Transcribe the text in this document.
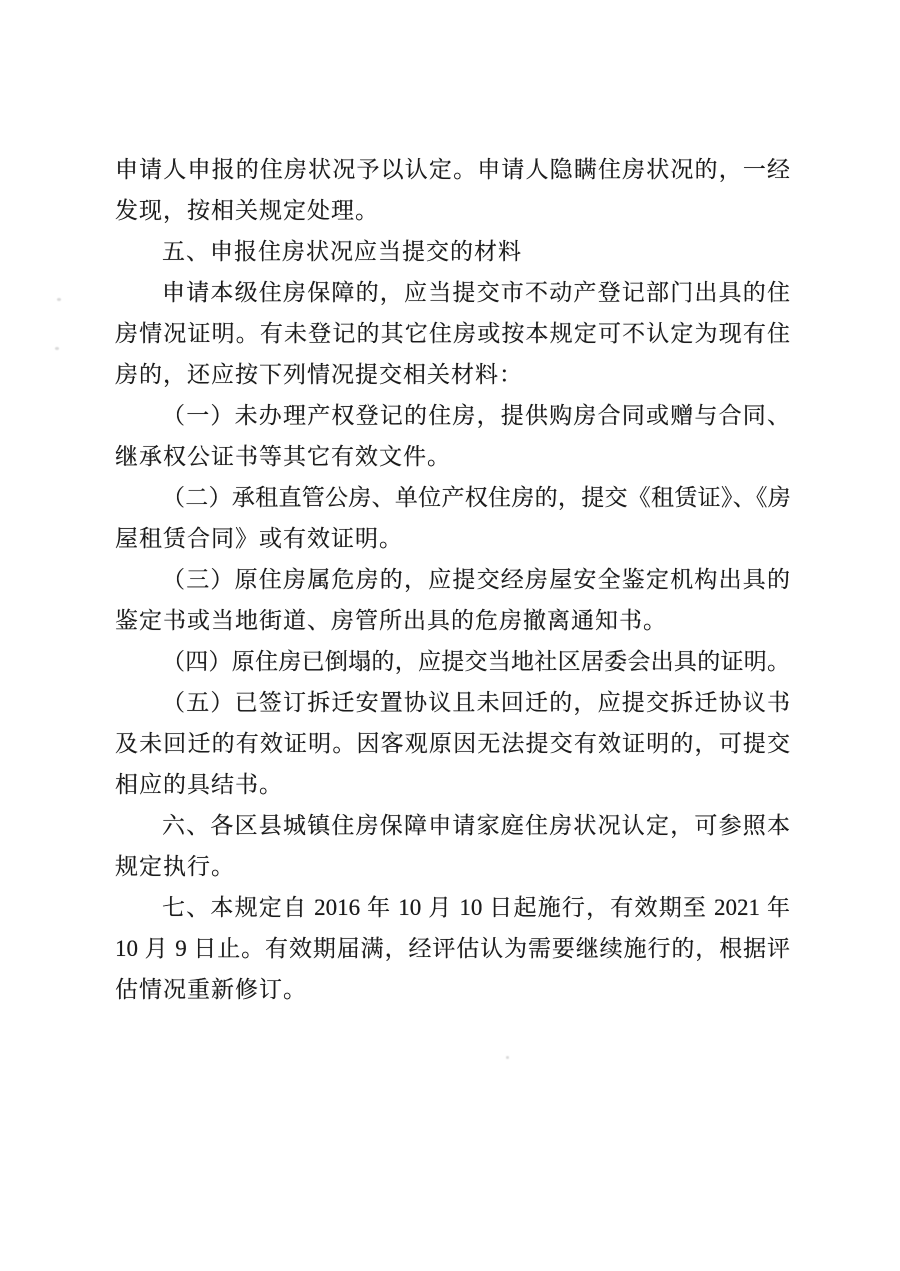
申请人申报的住房状况予以认定。申请人隐瞒住房状况的，一经
发现，按相关规定处理。
五、申报住房状况应当提交的材料
申请本级住房保障的，应当提交市不动产登记部门出具的住
房情况证明。有未登记的其它住房或按本规定可不认定为现有住
房的，还应按下列情况提交相关材料：
（一）未办理产权登记的住房，提供购房合同或赠与合同、
继承权公证书等其它有效文件。
（二）承租直管公房、单位产权住房的，提交《租赁证》、《房
屋租赁合同》或有效证明。
（三）原住房属危房的，应提交经房屋安全鉴定机构出具的
鉴定书或当地街道、房管所出具的危房撤离通知书。
（四）原住房已倒塌的，应提交当地社区居委会出具的证明。
（五）已签订拆迁安置协议且未回迁的，应提交拆迁协议书
及未回迁的有效证明。因客观原因无法提交有效证明的，可提交
相应的具结书。
六、各区县城镇住房保障申请家庭住房状况认定，可参照本
规定执行。
七、本规定自 2016 年 10 月 10 日起施行，有效期至 2021 年
10 月 9 日止。有效期届满，经评估认为需要继续施行的，根据评
估情况重新修订。
